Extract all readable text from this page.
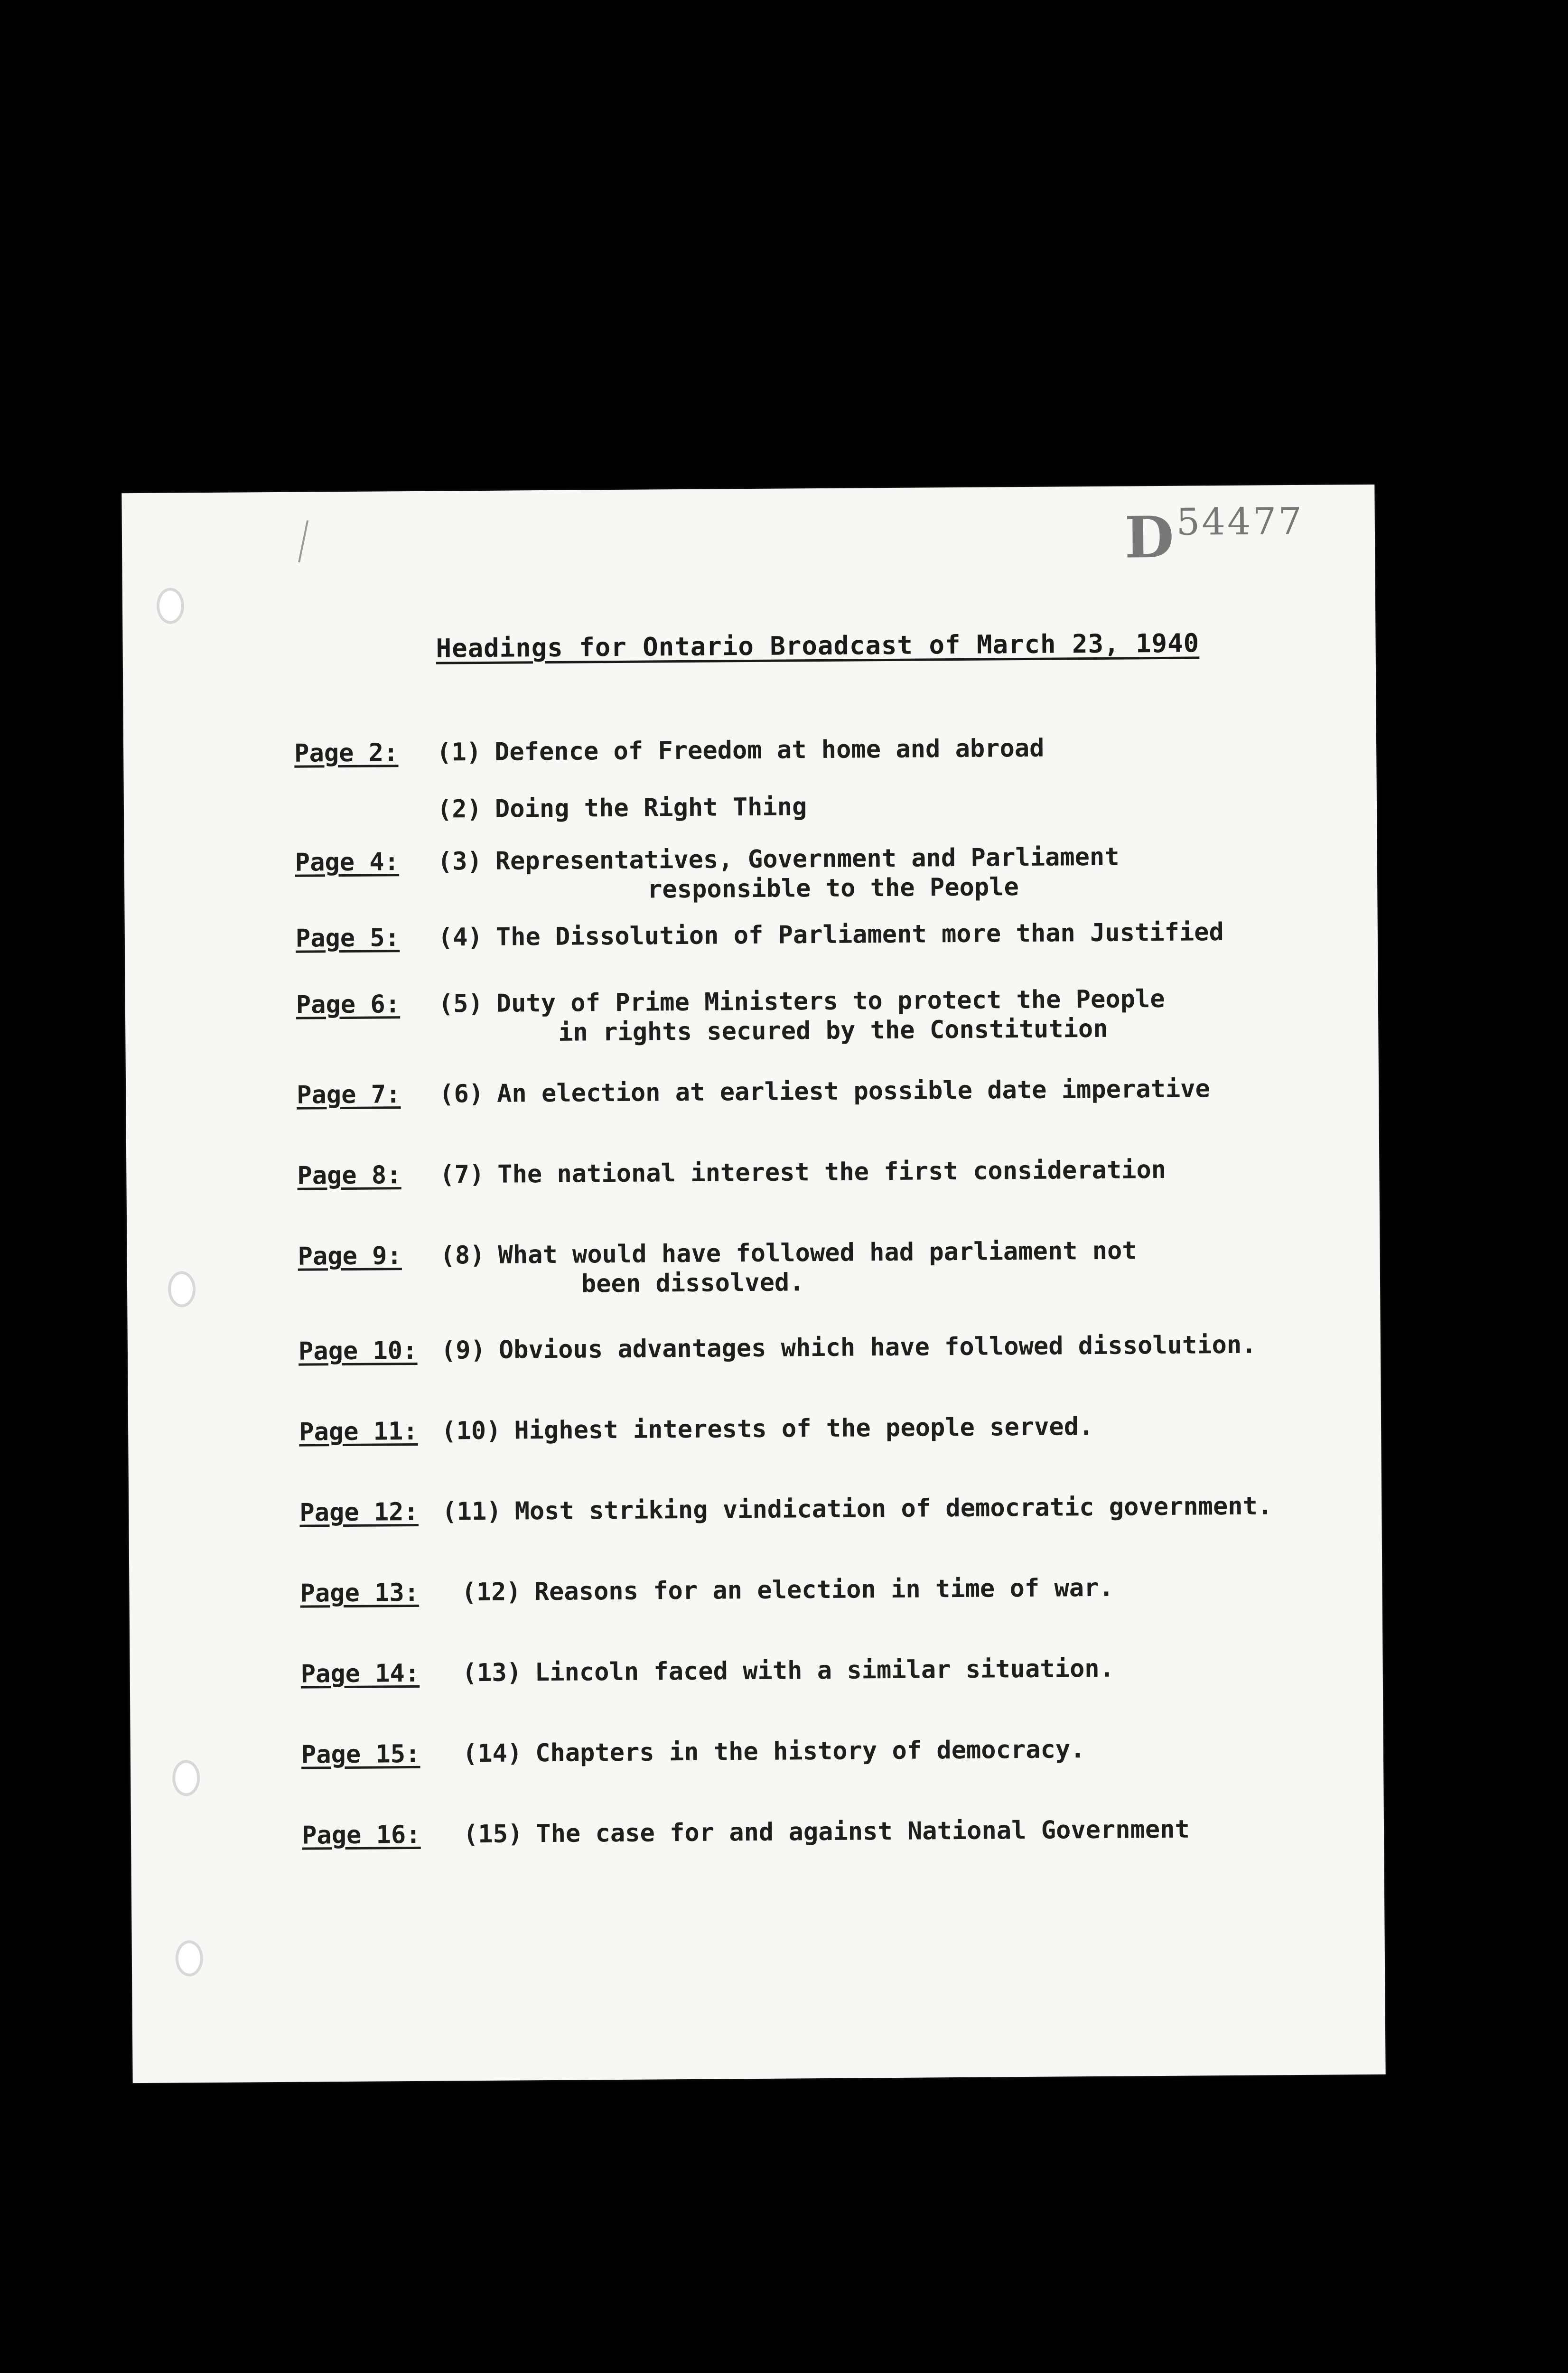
D 54477
Headings for Ontario Broadcast of March 23, 1940
Page 2:	(1) Defence of Freedom at home and abroad
(2) Doing the Right Thing
Page 4:	(3) Representatives, Government and Parliament
responsible to the People
Page 5:	(4) The Dissolution of Parliament more than Justified
Page 6:	(5) Duty of Prime Ministers to protect the People
in rights secured by the Constitution
Page 7:	(6) An election at earliest possible date imperative
Page 8:	(7) The national interest the first consideration
Page 9:	(8) What would have followed had parliament not
been dissolved.
Page 10: (9) Obvious advantages which have followed dissolution.
Page 11: (10) Highest interests of the people served.
Page 12: (11) Most striking vindication of democratic government.
Page 13:	(12) Reasons for an election in time of war.
Page 14:	(13) Lincoln faced with a similar situation.
Page 15:	(14) Chapters in the history of democracy.
Page 16:	(15) The case for and against National Government
